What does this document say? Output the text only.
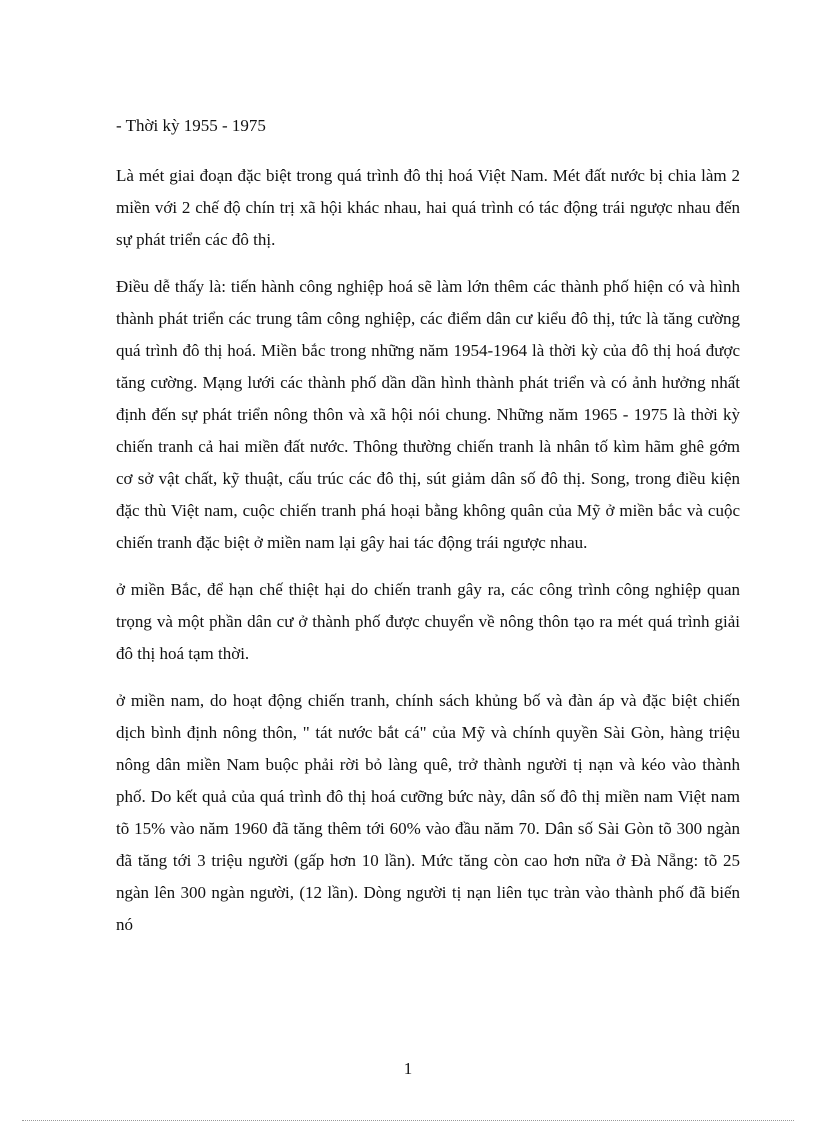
- Thời kỳ 1955 - 1975

Là mét giai đoạn đặc biệt trong quá trình đô thị hoá Việt Nam. Mét đất nước bị chia làm 2 miền với 2 chế độ chín trị xã hội khác nhau, hai quá trình có tác động trái ngược nhau đến sự phát triển các đô thị.

Điều dễ thấy là: tiến hành công nghiệp hoá sẽ làm lớn thêm các thành phố hiện có và hình thành phát triển các trung tâm công nghiệp, các điểm dân cư kiểu đô thị, tức là tăng cường quá trình đô thị hoá. Miền bắc trong những năm 1954-1964 là thời kỳ của đô thị hoá được tăng cường. Mạng lưới các thành phố dần dần hình thành phát triển và có ảnh hưởng nhất định đến sự phát triển nông thôn và xã hội nói chung. Những năm 1965 - 1975 là thời kỳ chiến tranh cả hai miền đất nước. Thông thường chiến tranh là nhân tố kìm hãm ghê gớm cơ sở vật chất, kỹ thuật, cấu trúc các đô thị, sút giảm dân số đô thị. Song, trong điều kiện đặc thù Việt nam, cuộc chiến tranh phá hoại bằng không quân của Mỹ ở miền bắc và cuộc chiến tranh đặc biệt ở miền nam lại gây hai tác động trái ngược nhau.

ở miền Bắc, để hạn chế thiệt hại do chiến tranh gây ra, các công trình công nghiệp quan trọng và một phần dân cư ở thành phố được chuyển về nông thôn tạo ra mét quá trình giải đô thị hoá tạm thời.

ở miền nam, do hoạt động chiến tranh, chính sách khủng bố và đàn áp và đặc biệt chiến dịch bình định nông thôn, " tát nước bắt cá" của Mỹ và chính quyền Sài Gòn, hàng triệu nông dân miền Nam buộc phải rời bỏ làng quê, trở thành người tị nạn và kéo vào thành phố. Do kết quả của quá trình đô thị hoá cưỡng bức này, dân số đô thị miền nam Việt nam tõ 15% vào năm 1960 đã tăng thêm tới 60% vào đầu năm 70. Dân số Sài Gòn tõ 300 ngàn đã tăng tới 3 triệu người (gấp hơn 10 lần). Mức tăng còn cao hơn nữa ở Đà Nẵng: tõ 25 ngàn lên 300 ngàn người, (12 lần). Dòng người tị nạn liên tục tràn vào thành phố đã biến nó

1
